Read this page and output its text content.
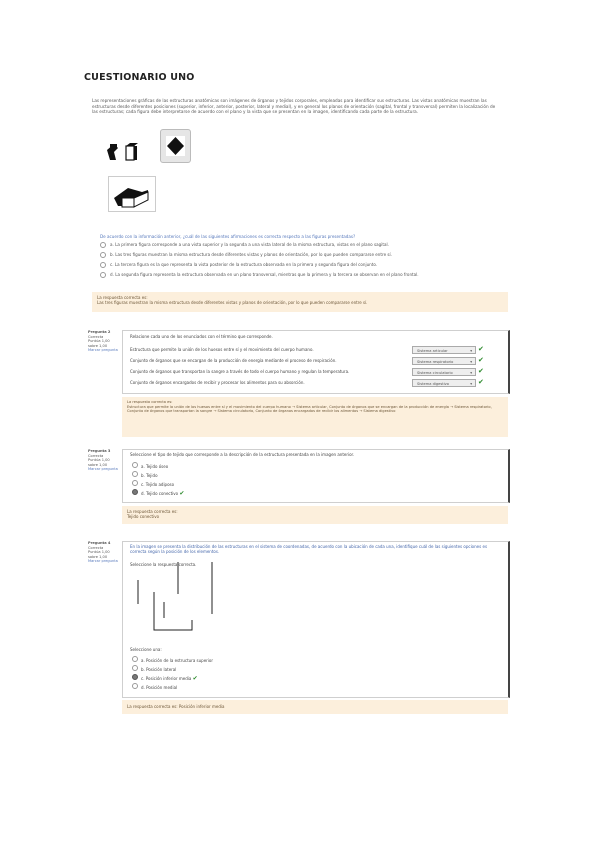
CUESTIONARIO UNO
Las representaciones gráficas de las estructuras anatómicas son imágenes de órganos y tejidos corporales, empleadas para identificar sus estructuras. Las vistas anatómicas muestran las estructuras desde diferentes posiciones (superior, inferior, anterior, posterior, lateral y medial), y en general los planos de orientación (sagital, frontal y transversal) permiten la localización de las estructuras; cada figura debe interpretarse de acuerdo con el plano y la vista que se presentan en la imagen, identificando cada parte de la estructura.
De acuerdo con la información anterior, ¿cuál de las siguientes afirmaciones es correcta respecto a las figuras presentadas?
a. La primera figura corresponde a una vista superior y la segunda a una vista lateral de la misma estructura, vistas en el plano sagital.
b. Las tres figuras muestran la misma estructura desde diferentes vistas y planos de orientación, por lo que pueden compararse entre sí.
c. La tercera figura es la que representa la vista posterior de la estructura observada en la primera y segunda figura del conjunto.
d. La segunda figura representa la estructura observada en un plano transversal, mientras que la primera y la tercera se observan en el plano frontal.
La respuesta correcta es:
Las tres figuras muestran la misma estructura desde diferentes vistas y planos de orientación, por lo que pueden compararse entre sí.
Pregunta 2
Correcta
Puntúa 1,00
sobre 1,00
Marcar pregunta
Relacione cada uno de los enunciados con el término que corresponde.
Estructura que permite la unión de los huesos entre sí y el movimiento del cuerpo humano.	Sistema articular	▾ ✔
Conjunto de órganos que se encargan de la producción de energía mediante el proceso de respiración.	Sistema respiratorio	▾ ✔
Conjunto de órganos que transportan la sangre a través de todo el cuerpo humano y regulan la temperatura.	Sistema circulatorio	▾ ✔
Conjunto de órganos encargados de recibir y procesar los alimentos para su absorción.	Sistema digestivo	▾ ✔
La respuesta correcta es:
Estructura que permite la unión de los huesos entre sí y el movimiento del cuerpo humano → Sistema articular, Conjunto de órganos que se encargan de la producción de energía → Sistema respiratorio, Conjunto de órganos que transportan la sangre → Sistema circulatorio, Conjunto de órganos encargados de recibir los alimentos → Sistema digestivo
Pregunta 3
Correcta
Puntúa 1,00
sobre 1,00
Marcar pregunta
Seleccione el tipo de tejido que corresponde a la descripción de la estructura presentada en la imagen anterior.
a. Tejido óseo
b. Tejido
c. Tejido adiposo
d. Tejido conectivo ✔
La respuesta correcta es:
Tejido conectivo
Pregunta 4
Correcta
Puntúa 1,00
sobre 1,00
Marcar pregunta
En la imagen se presenta la distribución de las estructuras en el sistema de coordenadas, de acuerdo con la ubicación de cada una, identifique cuál de las siguientes opciones es correcta según la posición de los elementos.
Seleccione la respuesta correcta.
Seleccione una:
a. Posición de la estructura superior
b. Posición lateral
c. Posición inferior media ✔
d. Posición medial
La respuesta correcta es: Posición inferior media
